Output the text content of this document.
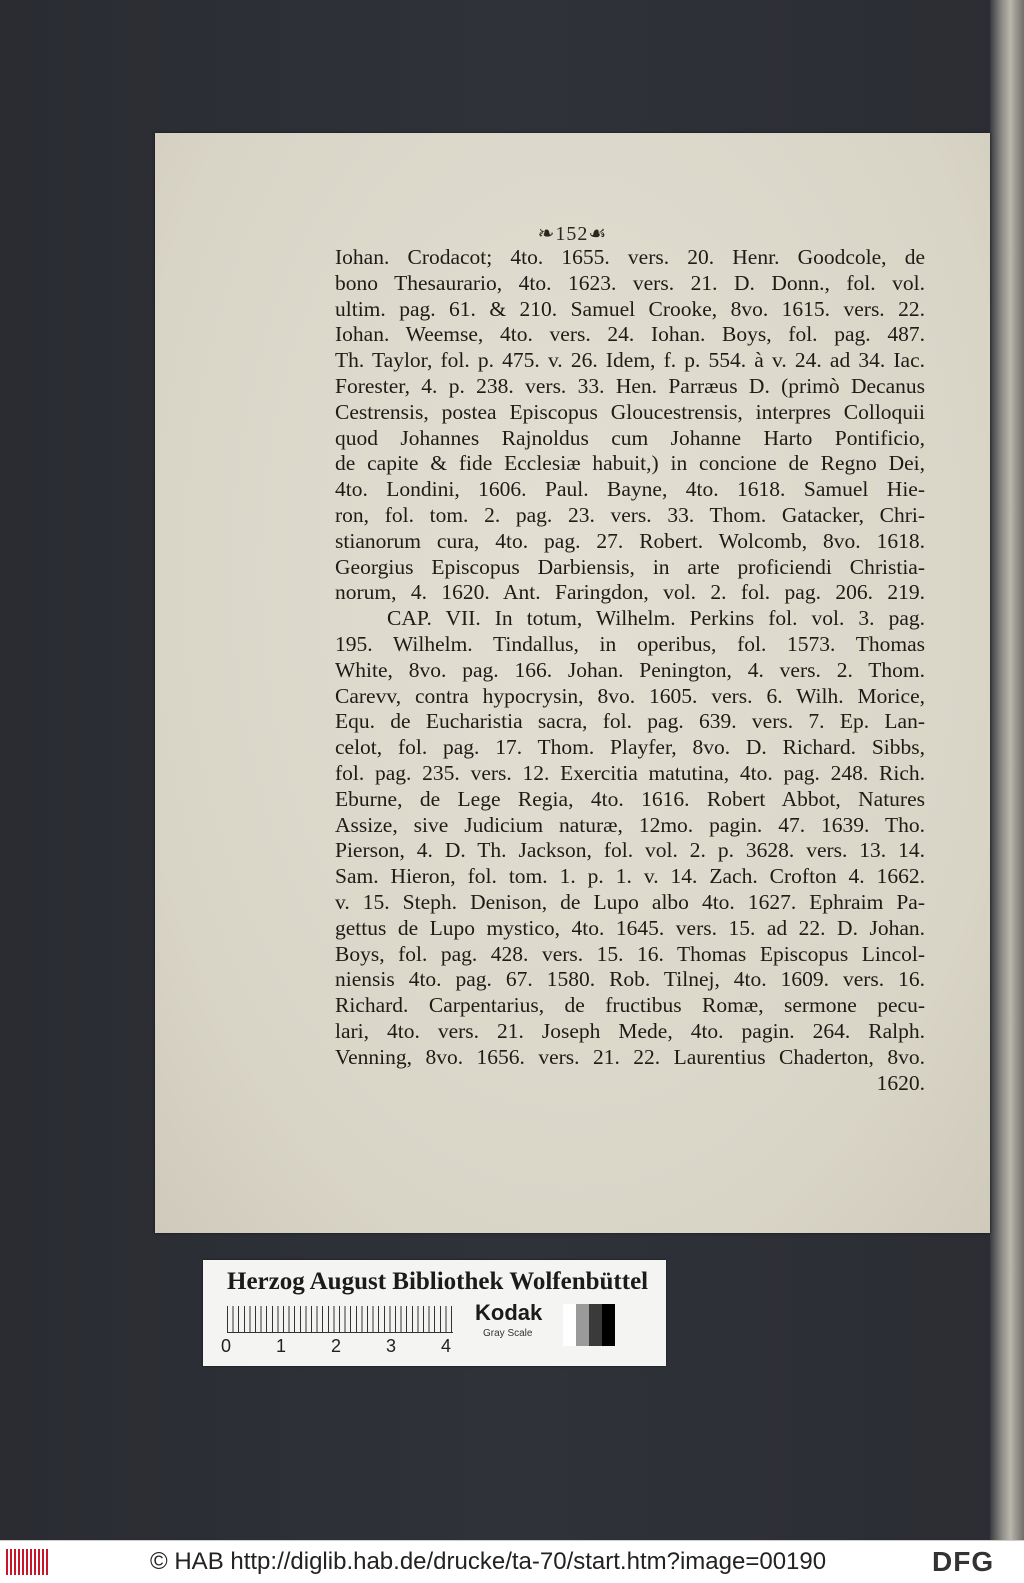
❧152☙
Iohan. Crodacot; 4to. 1655. vers. 20. Henr. Goodcole, de
bono Thesaurario, 4to. 1623. vers. 21. D. Donn., fol. vol.
ultim. pag. 61. & 210. Samuel Crooke, 8vo. 1615. vers. 22.
Iohan. Weemse, 4to. vers. 24. Iohan. Boys, fol. pag. 487.
Th. Taylor, fol. p. 475. v. 26. Idem, f. p. 554. à v. 24. ad 34. Iac.
Forester, 4. p. 238. vers. 33. Hen. Parræus D. (primò Decanus
Cestrensis, postea Episcopus Gloucestrensis, interpres Colloquii
quod Johannes Rajnoldus cum Johanne Harto Pontificio,
de capite & fide Ecclesiæ habuit,) in concione de Regno Dei,
4to. Londini, 1606. Paul. Bayne, 4to. 1618. Samuel Hie-
ron, fol. tom. 2. pag. 23. vers. 33. Thom. Gatacker, Chri-
stianorum cura, 4to. pag. 27. Robert. Wolcomb, 8vo. 1618.
Georgius Episcopus Darbiensis, in arte proficiendi Christia-
norum, 4. 1620. Ant. Faringdon, vol. 2. fol. pag. 206. 219.
CAP. VII. In totum, Wilhelm. Perkins fol. vol. 3. pag.
195. Wilhelm. Tindallus, in operibus, fol. 1573. Thomas
White, 8vo. pag. 166. Johan. Penington, 4. vers. 2. Thom.
Carevv, contra hypocrysin, 8vo. 1605. vers. 6. Wilh. Morice,
Equ. de Eucharistia sacra, fol. pag. 639. vers. 7. Ep. Lan-
celot, fol. pag. 17. Thom. Playfer, 8vo. D. Richard. Sibbs,
fol. pag. 235. vers. 12. Exercitia matutina, 4to. pag. 248. Rich.
Eburne, de Lege Regia, 4to. 1616. Robert Abbot, Natures
Assize, sive Judicium naturæ, 12mo. pagin. 47. 1639. Tho.
Pierson, 4. D. Th. Jackson, fol. vol. 2. p. 3628. vers. 13. 14.
Sam. Hieron, fol. tom. 1. p. 1. v. 14. Zach. Crofton 4. 1662.
v. 15. Steph. Denison, de Lupo albo 4to. 1627. Ephraim Pa-
gettus de Lupo mystico, 4to. 1645. vers. 15. ad 22. D. Johan.
Boys, fol. pag. 428. vers. 15. 16. Thomas Episcopus Lincol-
niensis 4to. pag. 67. 1580. Rob. Tilnej, 4to. 1609. vers. 16.
Richard. Carpentarius, de fructibus Romæ, sermone pecu-
lari, 4to. vers. 21. Joseph Mede, 4to. pagin. 264. Ralph.
Venning, 8vo. 1656. vers. 21. 22. Laurentius Chaderton, 8vo.
1620.
Herzog August Bibliothek Wolfenbüttel
0 1 2 3 4
Kodak
Gray Scale
© HAB http://diglib.hab.de/drucke/ta-70/start.htm?image=00190	DFG
